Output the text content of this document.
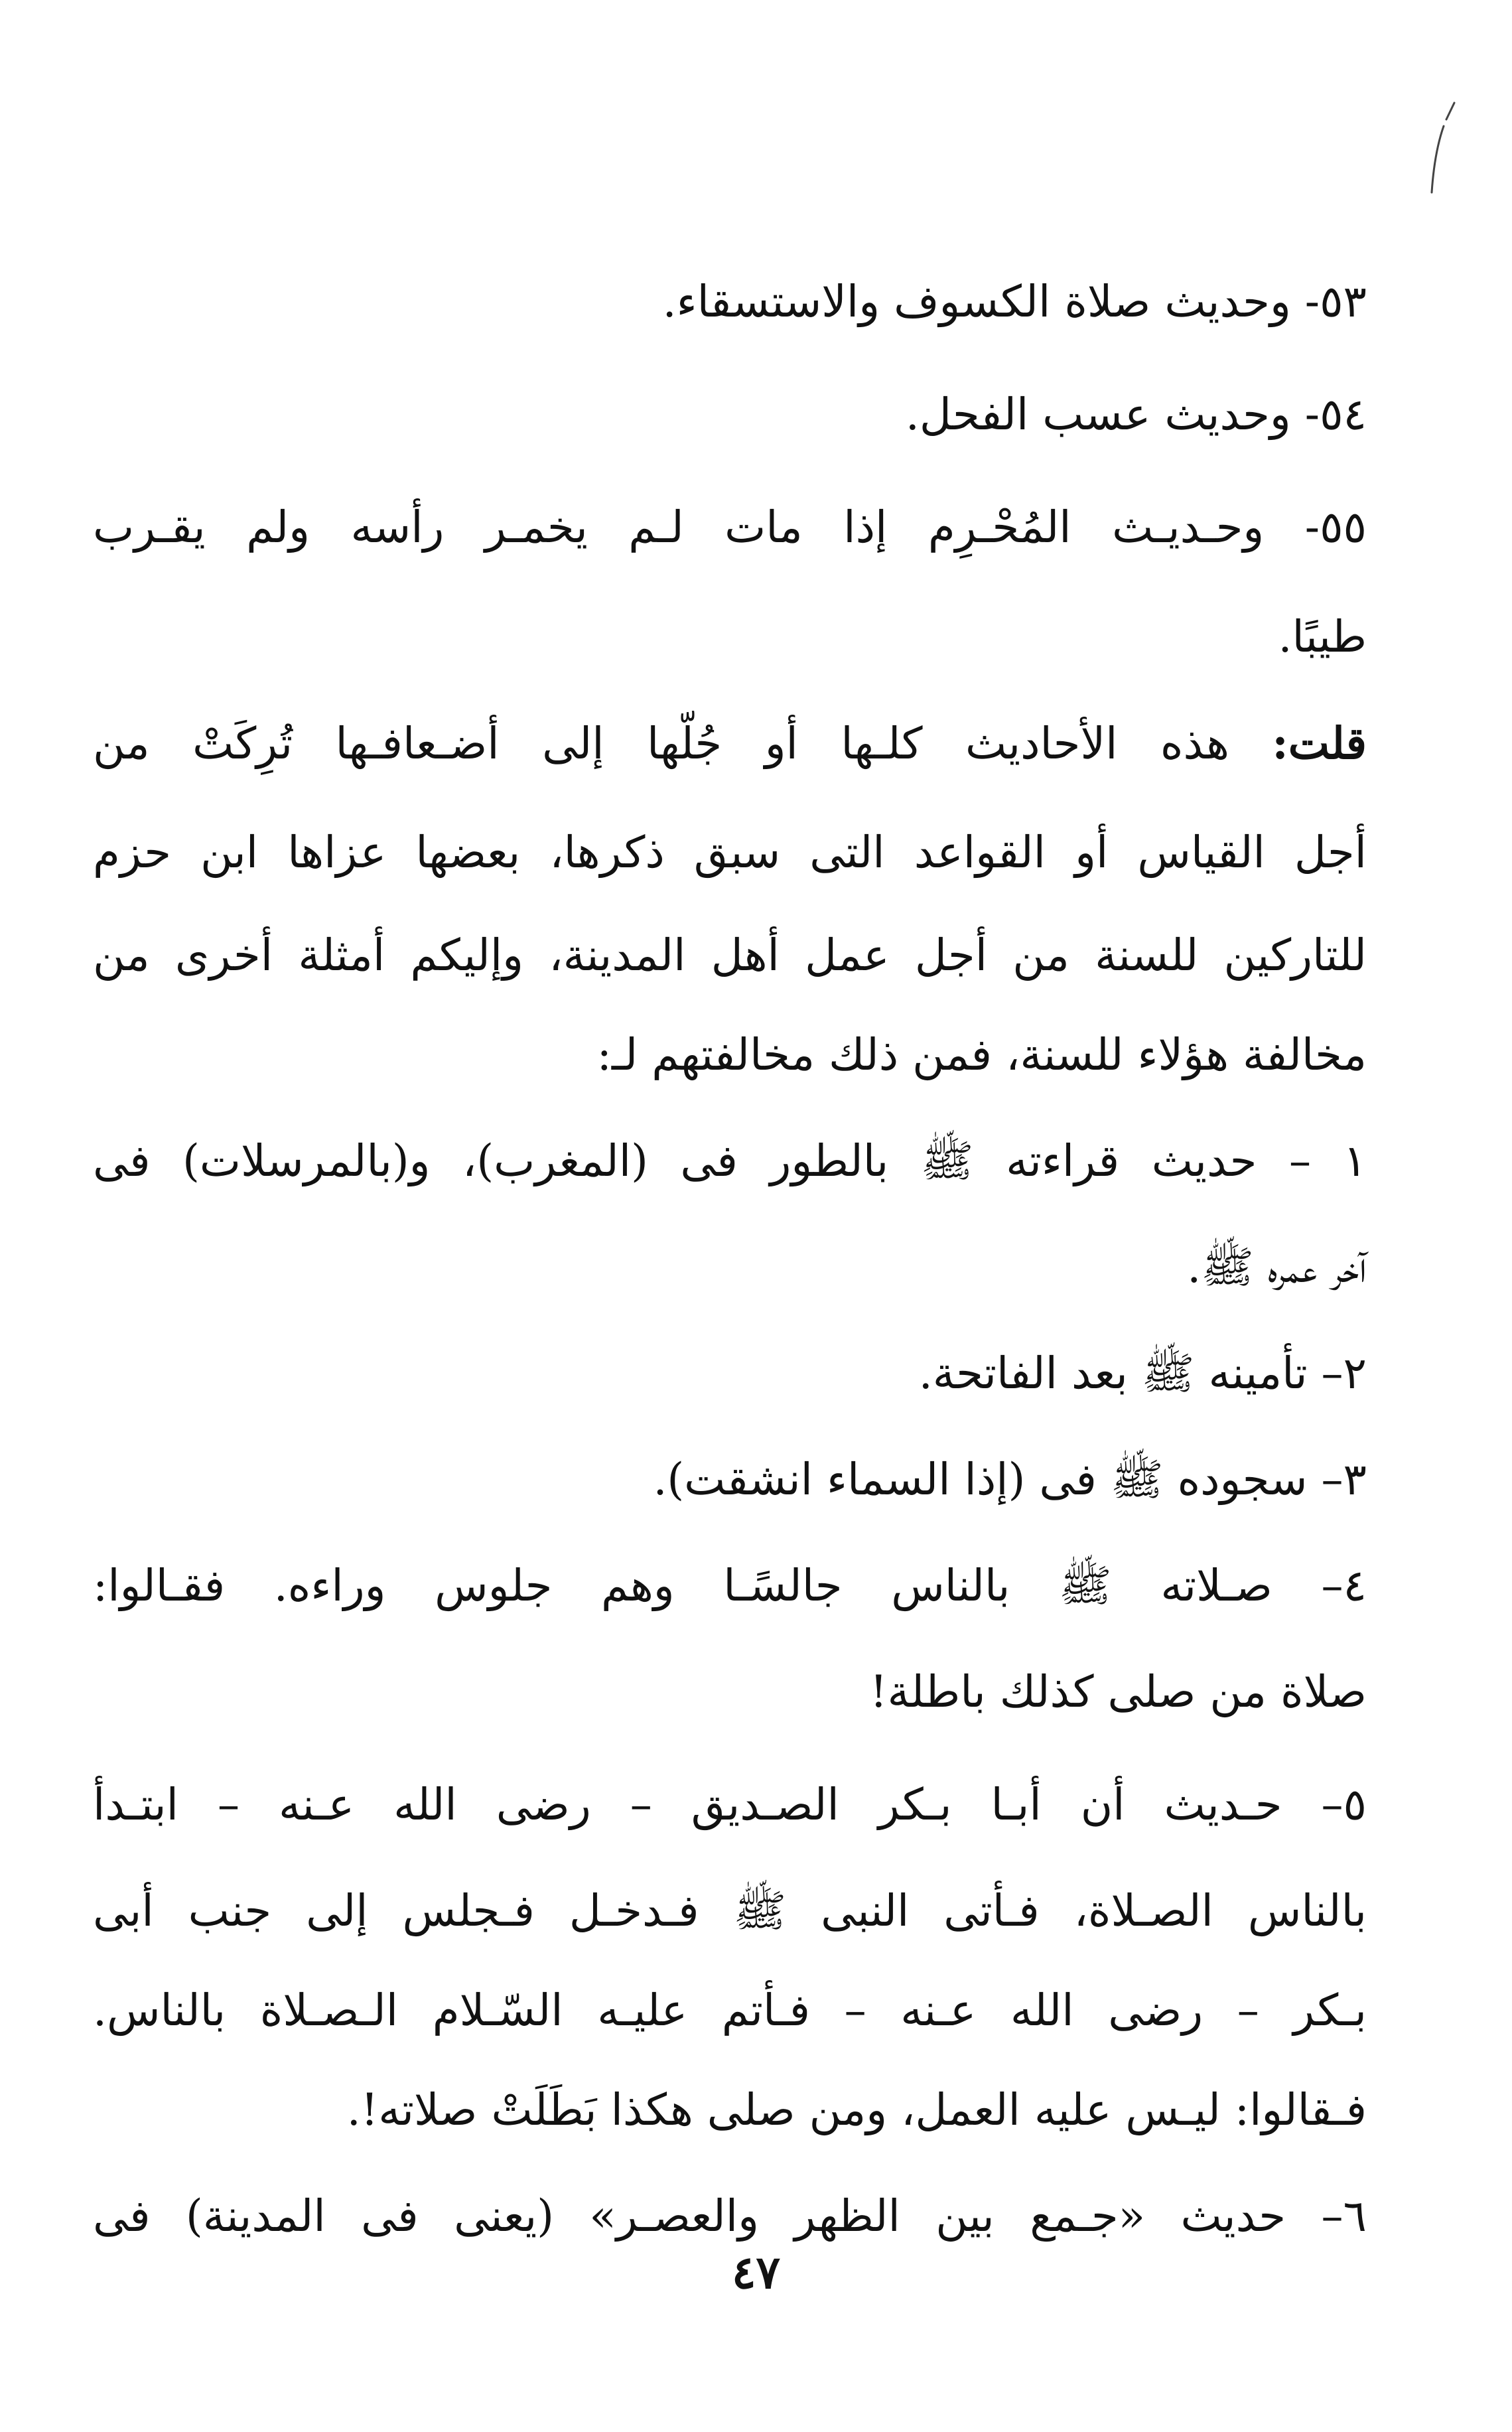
٥٣- وحديث صلاة الكسوف والاستسقاء.
٥٤- وحديث عسب الفحل.
٥٥- وحـديـث المُحْـرِم إذا مات لـم يخمـر رأسه ولم يقـرب
طيبًا.
قلت: هذه الأحاديث كلـها أو جُلّها إلى أضـعافـها تُرِكَتْ من
أجل القياس أو القواعد التى سبق ذكرها، بعضها عزاها ابن حزم
للتاركين للسنة من أجل عمل أهل المدينة، وإليكم أمثلة أخرى من
مخالفة هؤلاء للسنة، فمن ذلك مخالفتهم لـ:
١ – حديث قراءته ﷺ بالطور فى (المغرب)، و(بالمرسلات) فى
آخر عمره ﷺ.
٢– تأمينه ﷺ بعد الفاتحة.
٣– سجوده ﷺ فى (إذا السماء انشقت).
٤– صـلاته ﷺ بالناس جالسًـا وهم جلوس وراءه. فقـالوا:
صلاة من صلى كذلك باطلة!
٥– حـديث أن أبـا بـكر الصـديق – رضى الله عـنه – ابتـدأ
بالناس الصـلاة، فـأتى النبى ﷺ فـدخـل فـجلس إلى جنب أبى
بـكر – رضى الله عـنه – فـأتم عليـه السّـلام الـصـلاة بالناس.
فـقالوا: ليـس عليه العمل، ومن صلى هكذا بَطَلَتْ صلاته!.
٦– حديث «جـمع بين الظهر والعصـر» (يعنى فى المدينة) فى
٤٧
